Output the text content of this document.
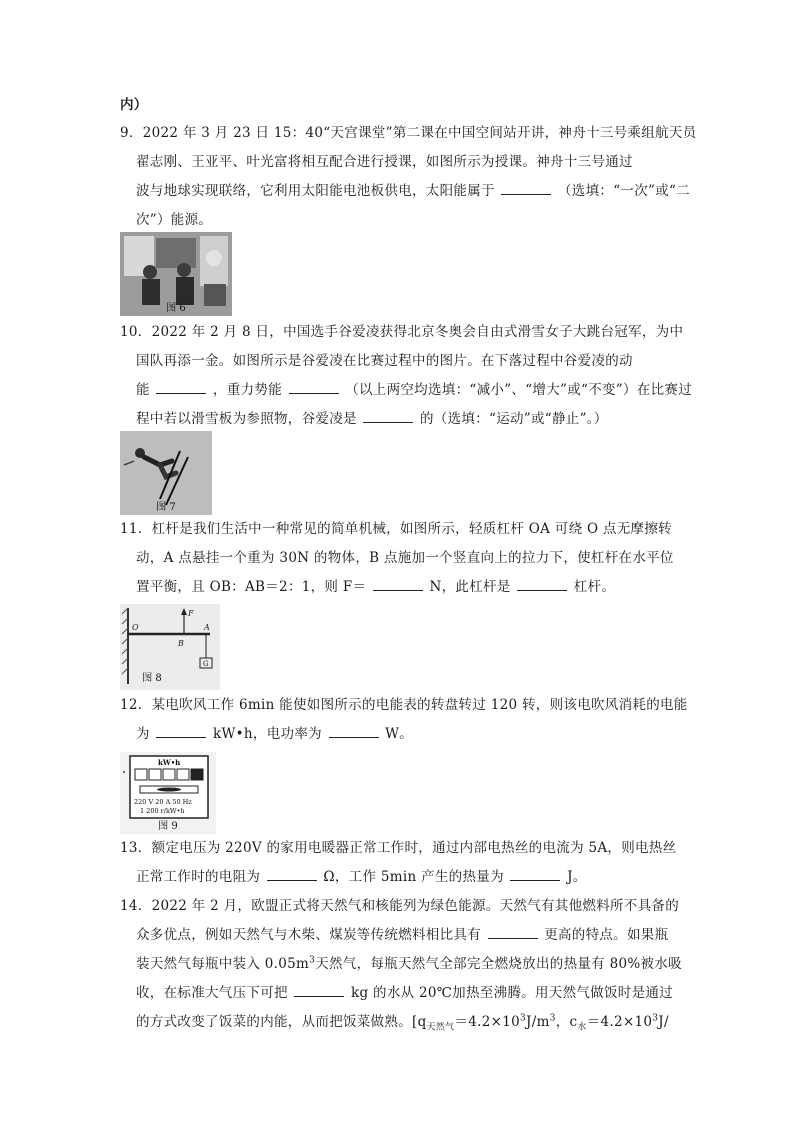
内）
9．2022 年 3 月 23 日 15：40“天宫课堂”第二课在中国空间站开讲，神舟十三号乘组航天员
翟志刚、王亚平、叶光富将相互配合进行授课，如图所示为授课。神舟十三号通过
波与地球实现联络，它利用太阳能电池板供电，太阳能属于	（选填：“一次”或“二
次”）能源。
图 6
10．2022 年 2 月 8 日，中国选手谷爱凌获得北京冬奥会自由式滑雪女子大跳台冠军，为中
国队再添一金。如图所示是谷爱凌在比赛过程中的图片。在下落过程中谷爱凌的动
能	，重力势能	（以上两空均选填：“减小”、“增大”或“不变”）在比赛过
程中若以滑雪板为参照物，谷爱凌是	的（选填：“运动”或“静止”。）
图 7
11．杠杆是我们生活中一种常见的简单机械，如图所示，轻质杠杆 OA 可绕 O 点无摩擦转
动，A 点悬挂一个重为 30N 的物体，B 点施加一个竖直向上的拉力下，使杠杆在水平位
置平衡，且 OB：AB＝2：1，则 F＝	N，此杠杆是	杠杆。
O
B
A
F
G
图 8
12．某电吹风工作 6min 能使如图所示的电能表的转盘转过 120 转，则该电吹风消耗的电能
为	kW•h，电功率为	W。
kW•h
220 V 20 A 50 Hz
1 200 r/kW•h
图 9
13．额定电压为 220V 的家用电暖器正常工作时，通过内部电热丝的电流为 5A，则电热丝
正常工作时的电阻为	Ω，工作 5min 产生的热量为	J。
14．2022 年 2 月，欧盟正式将天然气和核能列为绿色能源。天然气有其他燃料所不具备的
众多优点，例如天然气与木柴、煤炭等传统燃料相比具有	更高的特点。如果瓶
装天然气每瓶中装入 $0.05m^3$天然气，每瓶天然气全部完全燃烧放出的热量有 80%被水吸
收，在标准大气压下可把	kg 的水从 20℃加热至沸腾。用天然气做饭时是通过
的方式改变了饭菜的内能，从而把饭菜做熟。[$q_{天然气}=4.2\times 10^3J/m^3$，$c_水=4.2\times 10^3J/$
